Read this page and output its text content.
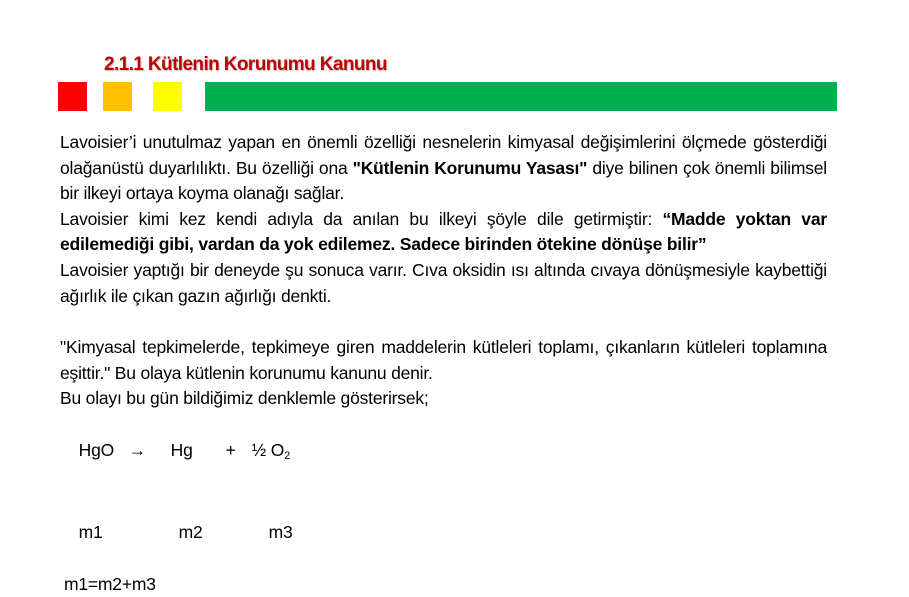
2.1.1 Kütlenin Korunumu Kanunu

Lavoisier’i unutulmaz yapan en önemli özelliği nesnelerin kimyasal değişimlerini ölçmede gösterdiği olağanüstü duyarlılıktı. Bu özelliği ona "Kütlenin Korunumu Yasası" diye bilinen çok önemli bilimsel bir ilkeyi ortaya koyma olanağı sağlar.

Lavoisier kimi kez kendi adıyla da anılan bu ilkeyi şöyle dile getirmiştir: “Madde yoktan var edilemediği gibi, vardan da yok edilemez. Sadece birinden ötekine dönüşe bilir”

Lavoisier yaptığı bir deneyde şu sonuca varır. Cıva oksidin ısı altında cıvaya dönüşmesiyle kaybettiği ağırlık ile çıkan gazın ağırlığı denkti.

"Kimyasal tepkimelerde, tepkimeye giren maddelerin kütleleri toplamı, çıkanların kütleleri toplamına eşittir." Bu olaya kütlenin korunumu kanunu denir.

Bu olayı bu gün bildiğimiz denklemle gösterirsek;

HgO → Hg + ½ $O_2$

m1	m2	m3

m1=m2+m3
